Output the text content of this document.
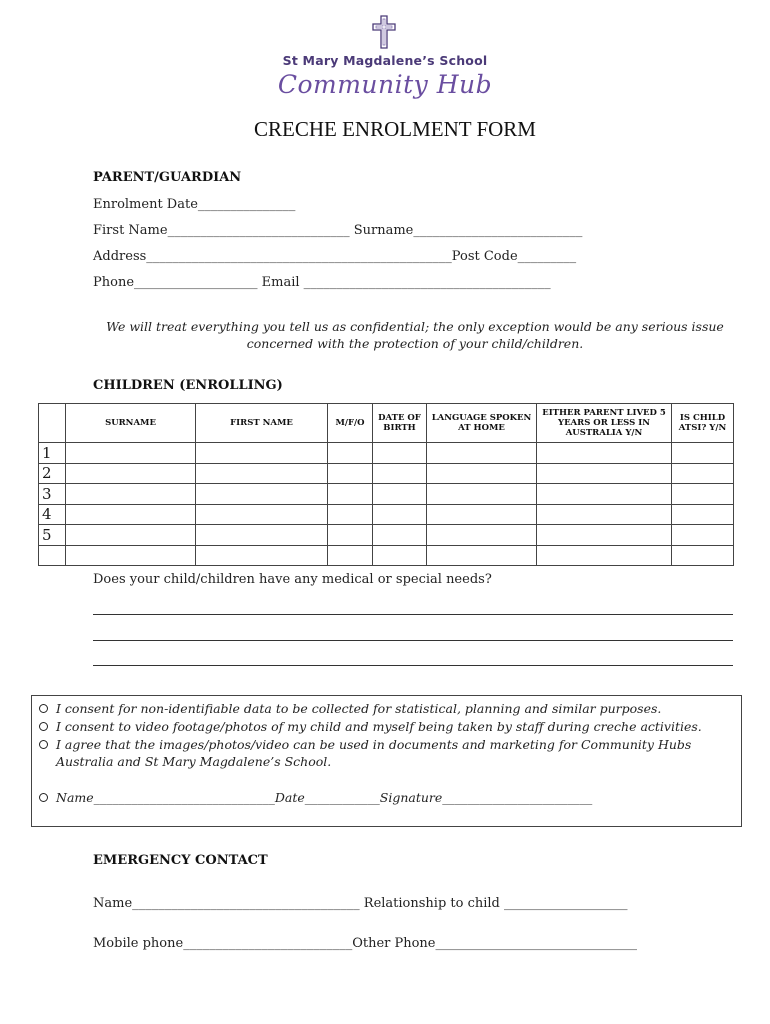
St Mary Magdalene’s School
Community Hub
CRECHE ENROLMENT FORM
PARENT/GUARDIAN
Enrolment Date_______________
First Name____________________________ Surname__________________________
Address_______________________________________________Post Code_________
Phone___________________ Email ______________________________________
We will treat everything you tell us as confidential; the only exception would be any serious issue concerned with the protection of your child/children.
CHILDREN (ENROLLING)
	SURNAME	FIRST NAME	M/F/O	DATE OF BIRTH	LANGUAGE SPOKEN AT HOME	EITHER PARENT LIVED 5 YEARS OR LESS IN AUSTRALIA Y/N	IS CHILD ATSI? Y/N
1							
2							
3							
4							
5							

Does your child/children have any medical or special needs?
I consent for non-identifiable data to be collected for statistical, planning and similar purposes.
I consent to video footage/photos of my child and myself being taken by staff during creche activities.
I agree that the images/photos/video can be used in documents and marketing for Community Hubs
Australia and St Mary Magdalene’s School.
Name_____________________________Date____________Signature________________________
EMERGENCY CONTACT
Name___________________________________ Relationship to child ___________________
Mobile phone__________________________Other Phone_______________________________
